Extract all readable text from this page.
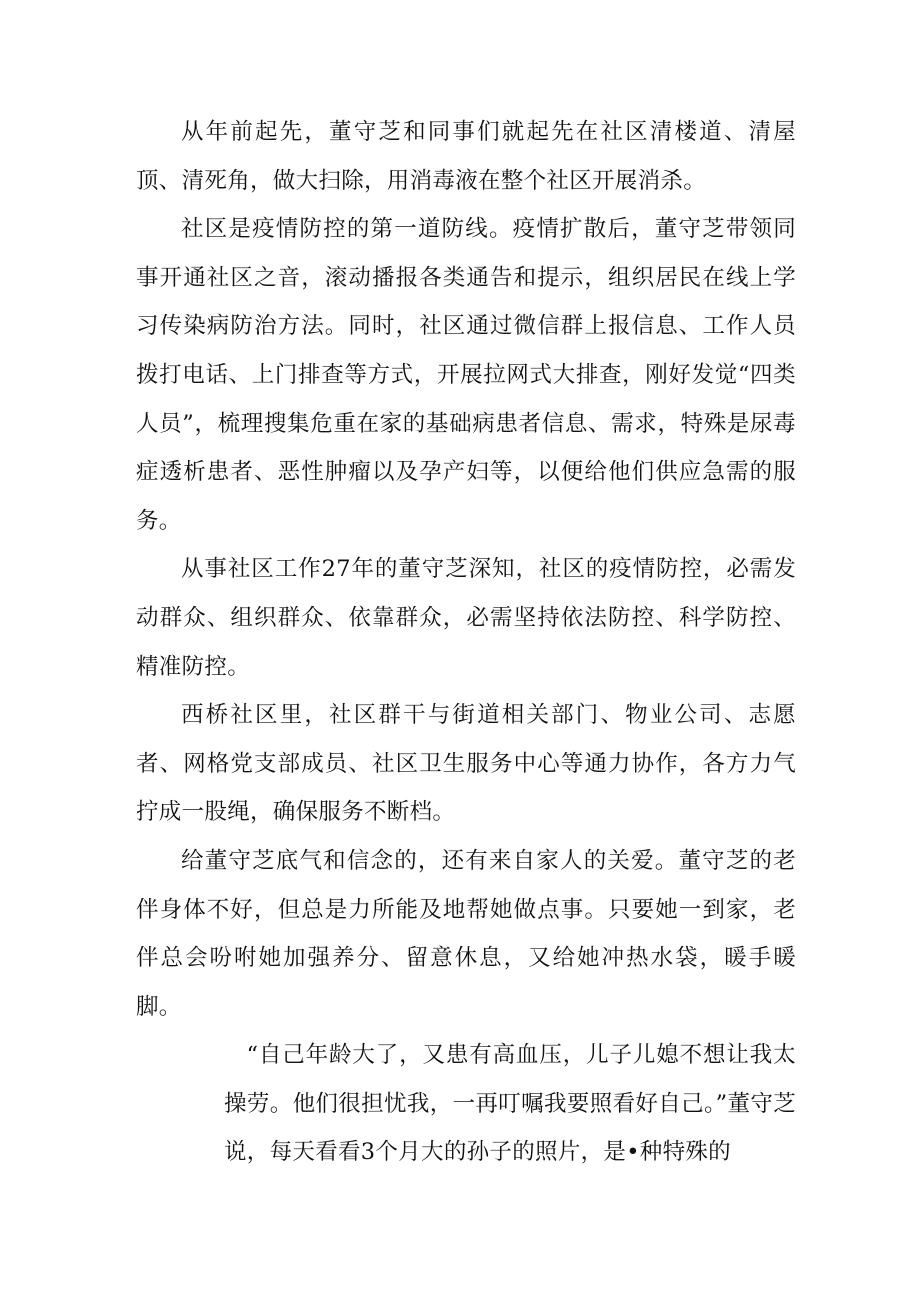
从年前起先，董守芝和同事们就起先在社区清楼道、清屋顶、清死角，做大扫除，用消毒液在整个社区开展消杀。

社区是疫情防控的第一道防线。疫情扩散后，董守芝带领同事开通社区之音，滚动播报各类通告和提示，组织居民在线上学习传染病防治方法。同时，社区通过微信群上报信息、工作人员拨打电话、上门排查等方式，开展拉网式大排查，刚好发觉“四类人员”，梳理搜集危重在家的基础病患者信息、需求，特殊是尿毒症透析患者、恶性肿瘤以及孕产妇等，以便给他们供应急需的服务。

从事社区工作27年的董守芝深知，社区的疫情防控，必需发动群众、组织群众、依靠群众，必需坚持依法防控、科学防控、精准防控。

西桥社区里，社区群干与街道相关部门、物业公司、志愿者、网格党支部成员、社区卫生服务中心等通力协作，各方力气拧成一股绳，确保服务不断档。

给董守芝底气和信念的，还有来自家人的关爱。董守芝的老伴身体不好，但总是力所能及地帮她做点事。只要她一到家，老伴总会吩咐她加强养分、留意休息，又给她冲热水袋，暖手暖脚。

“自己年龄大了，又患有高血压，儿子儿媳不想让我太操劳。他们很担忧我，一再叮嘱我要照看好自己。”董守芝说，每天看看3个月大的孙子的照片，是•种特殊的
